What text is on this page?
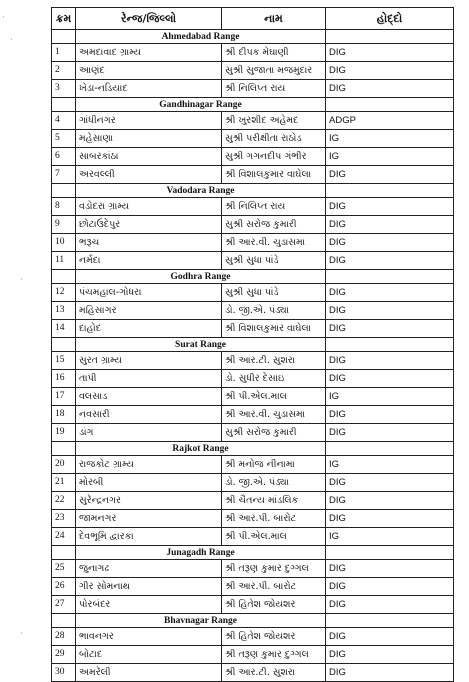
·
·
·
·
ક્રમ	રેન્જ/જિલ્લો	નામ	હોદ્દો
	Ahmedabad Range		
1	અમદાવાદ ગ્રામ્ય	શ્રી દીપક મેઘાણી	DIG
2	આણંદ	સુશ્રી સુજાતા મજમુદાર	DIG
3	ખેડા-નડિયાદ	શ્રી નિલિપ્ત રાય	DIG
	Gandhinagar Range		
4	ગાંધીનગર	શ્રી ખુરશીદ અહેમદ	ADGP
5	મહેસાણા	સુશ્રી પરીક્ષીતા રાઠોડ	IG
6	સાબરકાંઠા	સુશ્રી ગગનદીપ ગંભીર	IG
7	અરવલ્લી	શ્રી વિશાલકુમાર વાઘેલા	DIG
	Vadodara Range		
8	વડોદરા ગ્રામ્ય	શ્રી નિલિપ્ત રાય	DIG
9	છોટાઉદેપુર	સુશ્રી સરોજ કુમારી	DIG
10	ભરૂચ	શ્રી આર.વી. ચુડાસમા	DIG
11	નર્મદા	સુશ્રી સુધા પાંડે	DIG
	Godhra Range		
12	પંચમહાલ-ગોધરા	સુશ્રી સુધા પાંડે	DIG
13	મહિસાગર	ડો. જી.એ. પંડ્યા	DIG
14	દાહોદ	શ્રી વિશાલકુમાર વાઘેલા	DIG
	Surat Range		
15	સુરત ગ્રામ્ય	શ્રી આર.ટી. સુશરા	DIG
16	તાપી	ડો. સુધીર દેસાઇ	DIG
17	વલસાડ	શ્રી પી.એલ.માલ	IG
18	નવસારી	શ્રી આર.વી. ચુડાસમા	DIG
19	ડાંગ	સુશ્રી સરોજ કુમારી	DIG
	Rajkot Range		
20	રાજકોટ ગ્રામ્ય	શ્રી મનોજ નીનામા	IG
21	મોરબી	ડો. જી.એ. પંડ્યા	DIG
22	સુરેન્દ્રનગર	શ્રી ચૈતન્ય માંડલિક	DIG
23	જામનગર	શ્રી આર.પી. બારોટ	DIG
24	દેવભૂમિ દ્વારકા	શ્રી પી.એલ.માલ	IG
	Junagadh Range		
25	જુનાગઢ	શ્રી તરૂણ કુમાર દુગ્ગલ	DIG
26	ગીર સોમનાથ	શ્રી આર.પી. બારોટ	DIG
27	પોરબંદર	શ્રી હિતેશ જોયશર	DIG
	Bhavnagar Range		
28	ભાવનગર	શ્રી હિતેશ જોયશર	DIG
29	બોટાદ	શ્રી તરૂણ કુમાર દુગ્ગલ	DIG
30	અમરેલી	શ્રી આર.ટી. સુશરા	DIG
